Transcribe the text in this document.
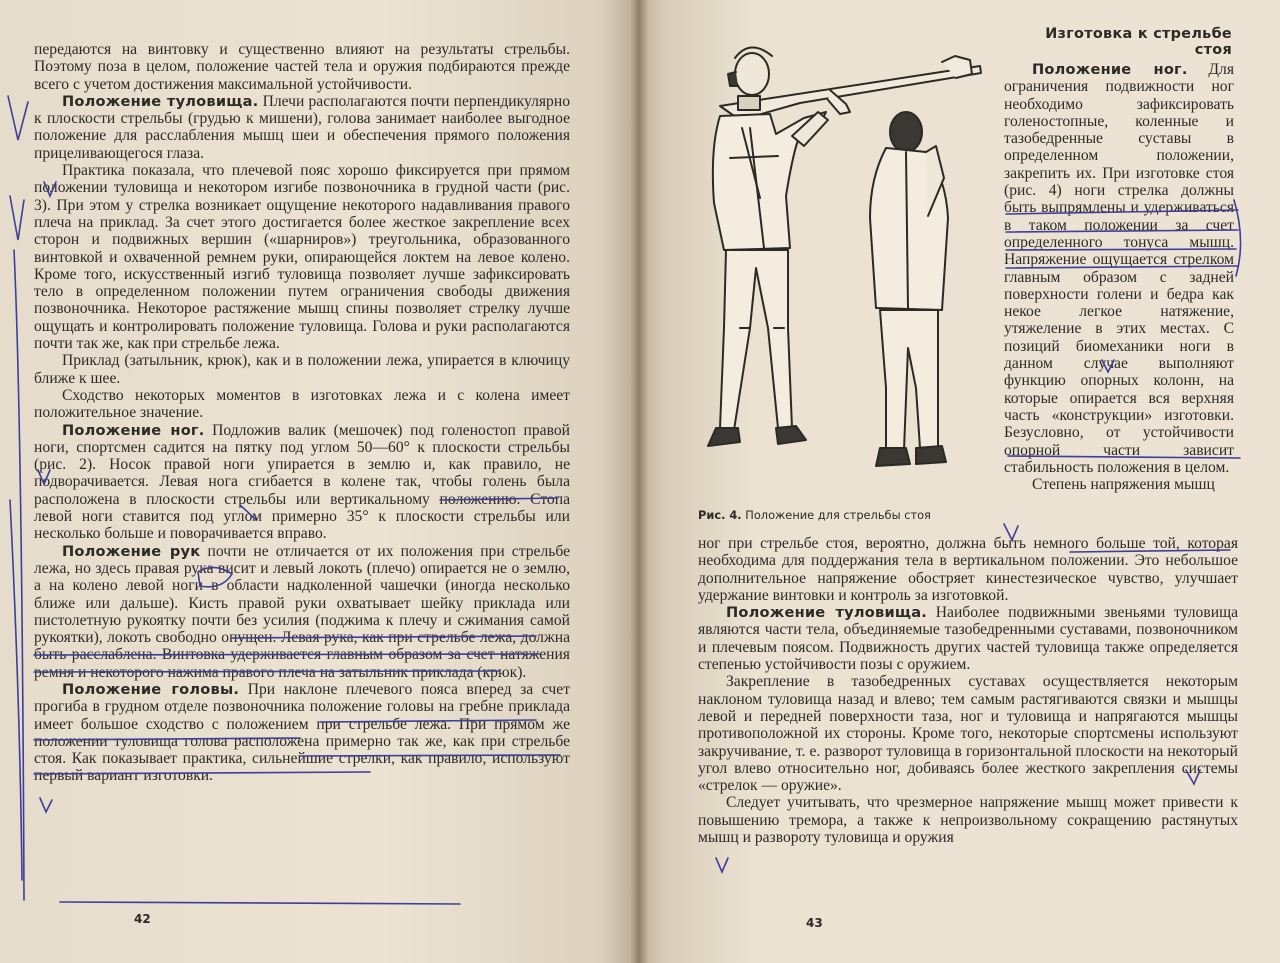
передаются на винтовку и существенно влияют на результаты стрельбы. Поэтому поза в целом, положение частей тела и оружия подбираются прежде всего с учетом достижения максимальной устойчивости.

Положение туловища. Плечи располагаются почти перпендикулярно к плоскости стрельбы (грудью к мишени), голова занимает наиболее выгодное положение для расслабления мышц шеи и обеспечения прямого положения прицеливающегося глаза.

Практика показала, что плечевой пояс хорошо фиксируется при прямом положении туловища и некотором изгибе позвоночника в грудной части (рис. 3). При этом у стрелка возникает ощущение некоторого надавливания правого плеча на приклад. За счет этого достигается более жесткое закрепление всех сторон и подвижных вершин («шарниров») треугольника, образованного винтовкой и охваченной ремнем руки, опирающейся локтем на левое колено. Кроме того, искусственный изгиб туловища позволяет лучше зафиксировать тело в определенном положении путем ограничения свободы движения позвоночника. Некоторое растяжение мышц спины позволяет стрелку лучше ощущать и контролировать положение туловища. Голова и руки располагаются почти так же, как при стрельбе лежа.

Приклад (затыльник, крюк), как и в положении лежа, упирается в ключицу ближе к шее.

Сходство некоторых моментов в изготовках лежа и с колена имеет положительное значение.

Положение ног. Подложив валик (мешочек) под голеностоп правой ноги, спортсмен садится на пятку под углом 50—60° к плоскости стрельбы (рис. 2). Носок правой ноги упирается в землю и, как правило, не подворачивается. Левая нога сгибается в колене так, чтобы голень была расположена в плоскости стрельбы или вертикальному положению. Стопа левой ноги ставится под углом примерно 35° к плоскости стрельбы или несколько больше и поворачивается вправо.

Положение рук почти не отличается от их положения при стрельбе лежа, но здесь правая рука висит и левый локоть (плечо) опирается не о землю, а на колено левой ноги в области надколенной чашечки (иногда несколько ближе или дальше). Кисть правой руки охватывает шейку приклада или пистолетную рукоятку почти без усилия (поджима к плечу и сжимания самой рукоятки), локоть свободно опущен. Левая рука, как при стрельбе лежа, должна быть расслаблена. Винтовка удерживается главным образом за счет натяжения ремня и некоторого нажима правого плеча на затыльник приклада (крюк).

Положение головы. При наклоне плечевого пояса вперед за счет прогиба в грудном отделе позвоночника положение головы на гребне приклада имеет большое сходство с положением при стрельбе лежа. При прямом же положении туловища голова расположена примерно так же, как при стрельбе стоя. Как показывает практика, сильнейшие стрелки, как правило, используют первый вариант изготовки.

42
Изготовка к стрельбе стоя
Рис. 4. Положение для стрельбы стоя

Положение ног. Для ограничения подвижности ног необходимо зафиксировать голеностопные, коленные и тазобедренные суставы в определенном положении, закрепить их. При изготовке стоя (рис. 4) ноги стрелка должны быть выпрямлены и удерживаться в таком положении за счет определенного тонуса мышц. Напряжение ощущается стрелком главным образом с задней поверхности голени и бедра как некое легкое натяжение, утяжеление в этих местах. С позиций биомеханики ноги в данном случае выполняют функцию опорных колонн, на которые опирается вся верхняя часть «конструкции» изготовки. Безусловно, от устойчивости опорной части зависит стабильность положения в целом.

Степень напряжения мышц

ног при стрельбе стоя, вероятно, должна быть немного больше той, которая необходима для поддержания тела в вертикальном положении. Это небольшое дополнительное напряжение обостряет кинестезическое чувство, улучшает удержание винтовки и контроль за изготовкой.

Положение туловища. Наиболее подвижными звеньями туловища являются части тела, объединяемые тазобедренными суставами, позвоночником и плечевым поясом. Подвижность других частей туловища также определяется степенью устойчивости позы с оружием.

Закрепление в тазобедренных суставах осуществляется некоторым наклоном туловища назад и влево; тем самым растягиваются связки и мышцы левой и передней поверхности таза, ног и туловища и напрягаются мышцы противоположной их стороны. Кроме того, некоторые спортсмены используют закручивание, т. е. разворот туловища в горизонтальной плоскости на некоторый угол влево относительно ног, добиваясь более жесткого закрепления системы «стрелок — оружие».

Следует учитывать, что чрезмерное напряжение мышц может привести к повышению тремора, а также к непроизвольному сокращению растянутых мышц и развороту туловища и оружия

43
